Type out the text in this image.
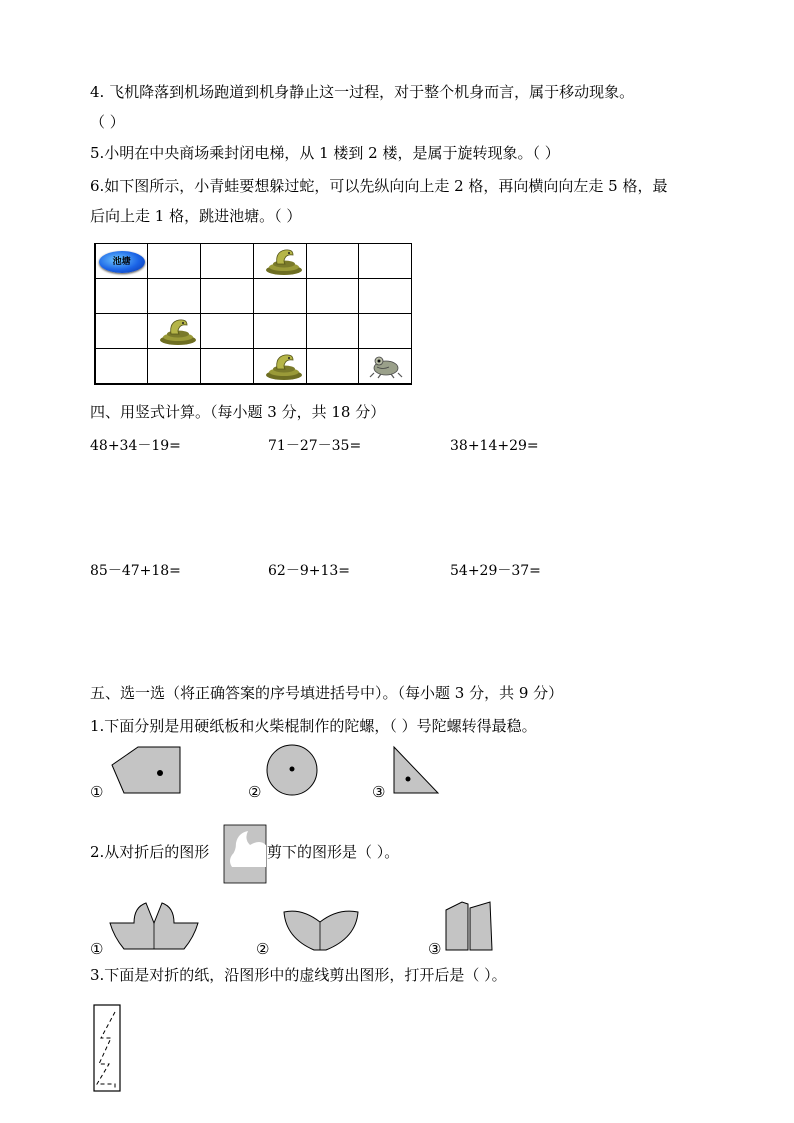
4. 飞机降落到机场跑道到机身静止这一过程，对于整个机身而言，属于移动现象。
（ ）
5.小明在中央商场乘封闭电梯，从 1 楼到 2 楼，是属于旋转现象。（ ）
6.如下图所示，小青蛙要想躲过蛇，可以先纵向向上走 2 格，再向横向向左走 5 格，最
后向上走 1 格，跳进池塘。（ ）
池塘			

四、用竖式计算。（每小题 3 分，共 18 分）
48+34－19=	71－27－35=	38+14+29=
85－47+18=	62－9+13=	54+29－37=
五、选一选（将正确答案的序号填进括号中）。（每小题 3 分，共 9 分）
1.下面分别是用硬纸板和火柴棍制作的陀螺，（ ）号陀螺转得最稳。
①	②	③
2.从对折后的图形	剪下的图形是（ ）。
①	②	③
3.下面是对折的纸，沿图形中的虚线剪出图形，打开后是（ ）。
